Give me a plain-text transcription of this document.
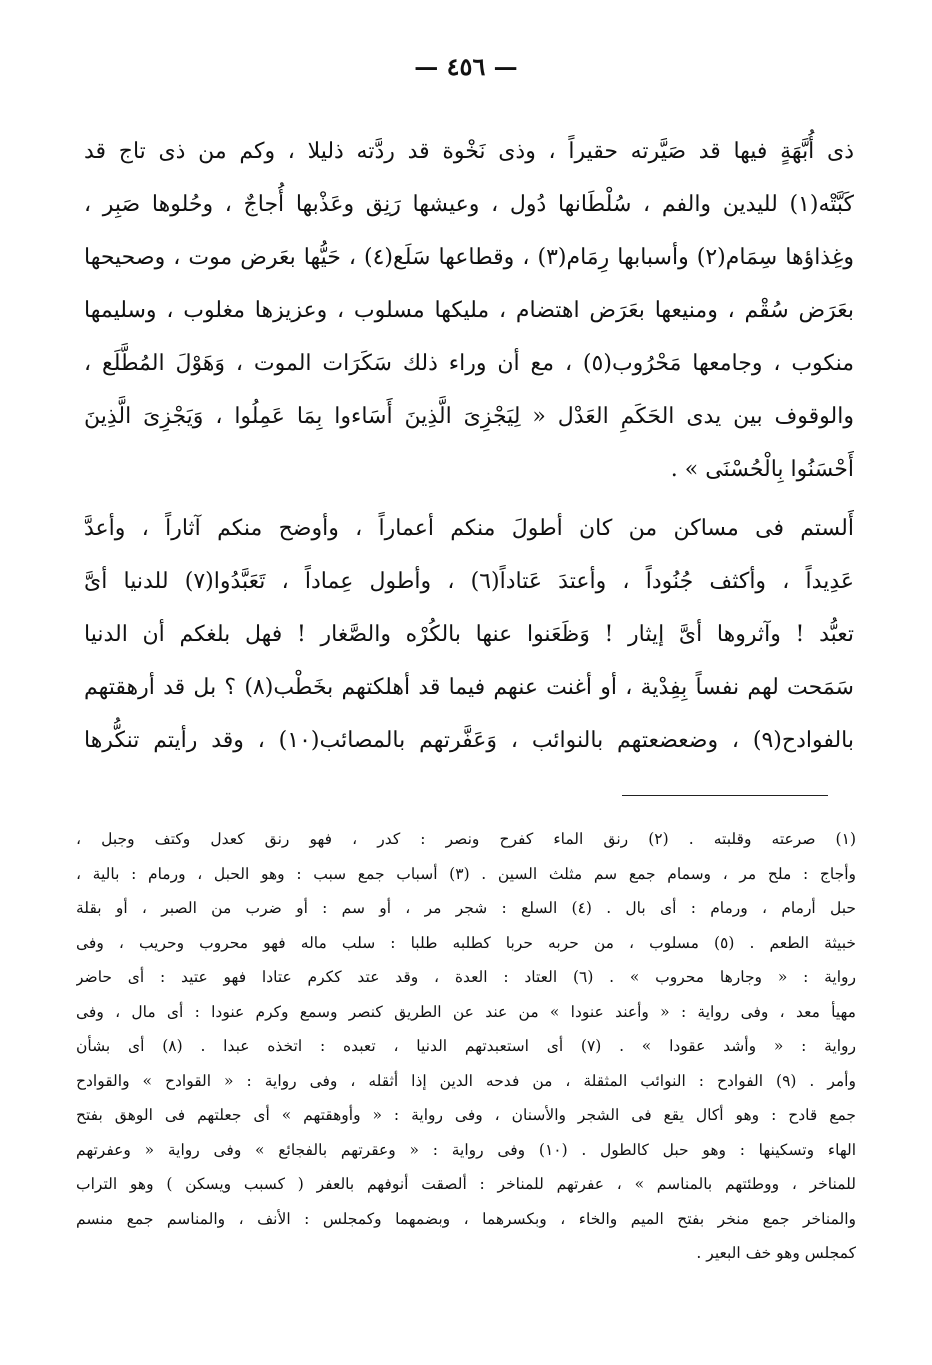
— ٤٥٦ —
ذى أُبَّهَةٍ فيها قد صَيَّرته حقيراً ، وذى نَخْوة قد ردَّته ذليلا ، وكم من ذى تاج قد
كَبَّتْه(١) لليدين والفم ، سُلْطَانها دُول ، وعيشها رَنِق وعَذْبها أُجاجٌ ، وحُلوها صَبِر ،
وغِذاؤها سِمَام(٢) وأسبابها رِمَام(٣) ، وقطاعها سَلَع(٤) ، حَيُّها بعَرض موت ، وصحيحها
بعَرَض سُقْم ، ومنيعها بعَرَض اهتضام ، مليكها مسلوب ، وعزيزها مغلوب ، وسليمها
منكوب ، وجامعها مَحْرُوب(٥) ، مع أن وراء ذلك سَكَرَات الموت ، وَهَوْلَ المُطَّلَع ،
والوقوف بين يدى الحَكَمِ العَدْل « لِيَجْزِىَ الَّذِينَ أَسَاءوا بِمَا عَمِلُوا ، وَيَجْزِىَ الَّذِينَ
أَحْسَنُوا بِالْحُسْنَى » .
أَلستم فى مساكن من كان أطولَ منكم أعماراً ، وأوضح منكم آثاراً ، وأعدَّ
عَدِيداً ، وأكثف جُنُوداً ، وأعتدَ عَتاداً(٦) ، وأطول عِماداً ، تَعَبَّدُوا(٧) للدنيا أىَّ
تعبُّد ! وآثروها أىَّ إيثار ! وَظَعَنوا عنها بالكُرْه والصَّغار ! فهل بلغكم أن الدنيا
سَمَحت لهم نفساً بِفِدْية ، أو أغنت عنهم فيما قد أهلكتهم بخَطْب(٨) ؟ بل قد أرهقتهم
بالفوادح(٩) ، وضعضعتهم بالنوائب ، وَعَفَّرتهم بالمصائب(١٠) ، وقد رأيتم تنكُّرها
(١) صرعته وقلبته . (٢) رنق الماء كفرح ونصر : كدر ، فهو رنق كعدل وكتف وجبل ،
وأجاج : ملح مر ، وسمام جمع سم مثلث السين . (٣) أسباب جمع سبب : وهو الحبل ، ورمام : بالية ،
حبل أرمام ، ورمام : أى بال . (٤) السلع : شجر مر ، أو سم : أو ضرب من الصبر ، أو بقلة
خبيثة الطعم . (٥) مسلوب ، من حربه حربا كطلبه طلبا : سلب ماله فهو محروب وحريب ، وفى
رواية : « وجارها محروب » . (٦) العتاد : العدة ، وقد عتد ككرم عتادا فهو عتيد : أى حاضر
مهيأ معد ، وفى رواية : « وأعند عنودا » من عند عن الطريق كنصر وسمع وكرم عنودا : أى مال ، وفى
رواية : « وأشد عقودا » . (٧) أى استعبدتهم الدنيا ، تعبده : اتخذه عبدا . (٨) أى بشأن
وأمر . (٩) الفوادح : النوائب المثقلة ، من فدحه الدين إذا أثقله ، وفى رواية : « القوادح » والقوادح
جمع قادح : وهو أكال يقع فى الشجر والأسنان ، وفى رواية : « وأوهقتهم » أى جعلتهم فى الوهق بفتح
الهاء وتسكينها : وهو حبل كالطول . (١٠) وفى رواية : « وعقرتهم بالفجائع » وفى رواية « وعفرتهم
للمناخر ، ووطئتهم بالمناسم » ، عفرتهم للمناخر : ألصقت أنوفهم بالعفر ( كسبب ويسكن ) وهو التراب
والمناخر جمع منخر بفتح الميم والخاء ، وبكسرهما ، وبضمهما وكمجلس : الأنف ، والمناسم جمع منسم
كمجلس وهو خف البعير .
